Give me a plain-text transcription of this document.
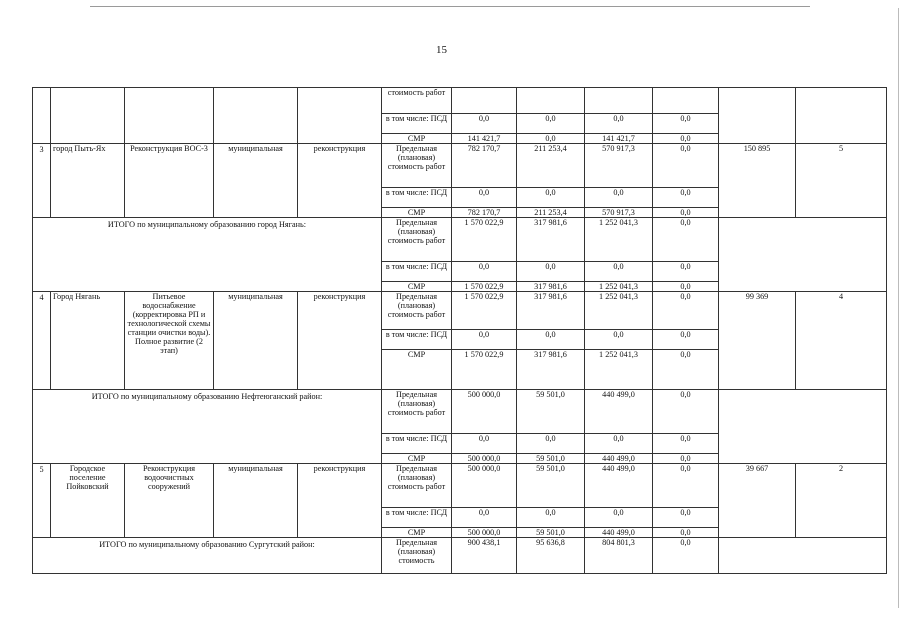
15
					стоимость работ						
					в том числе: ПСД	0,0	0,0	0,0	0,0		
					СМР	141 421,7	0,0	141 421,7	0,0		
3	город Пыть-Ях	Реконструкция ВОС-3	муниципальная	реконструкция	Предельная (плановая) стоимость работ	782 170,7	211 253,4	570 917,3	0,0	150 895	5
					в том числе: ПСД	0,0	0,0	0,0	0,0		
					СМР	782 170,7	211 253,4	570 917,3	0,0		
ИТОГО по муниципальному образованию город Нягань:					Предельная (плановая) стоимость работ	1 570 022,9	317 981,6	1 252 041,3	0,0		
					в том числе: ПСД	0,0	0,0	0,0	0,0		
					СМР	1 570 022,9	317 981,6	1 252 041,3	0,0		
4	Город Нягань	Питьевое водоснабжение (корректировка РП и технологической схемы станции очистки воды). Полное развитие (2 этап)	муниципальная	реконструкция	Предельная (плановая) стоимость работ	1 570 022,9	317 981,6	1 252 041,3	0,0	99 369	4
					в том числе: ПСД	0,0	0,0	0,0	0,0		
					СМР	1 570 022,9	317 981,6	1 252 041,3	0,0		
ИТОГО по муниципальному образованию Нефтеюганский район:					Предельная (плановая) стоимость работ	500 000,0	59 501,0	440 499,0	0,0		
					в том числе: ПСД	0,0	0,0	0,0	0,0		
					СМР	500 000,0	59 501,0	440 499,0	0,0		
5	Городское поселение Пойковский	Реконструкция водоочистных сооружений	муниципальная	реконструкция	Предельная (плановая) стоимость работ	500 000,0	59 501,0	440 499,0	0,0	39 667	2
					в том числе: ПСД	0,0	0,0	0,0	0,0		
					СМР	500 000,0	59 501,0	440 499,0	0,0		
ИТОГО по муниципальному образованию Сургутский район:					Предельная (плановая) стоимость	900 438,1	95 636,8	804 801,3	0,0		
